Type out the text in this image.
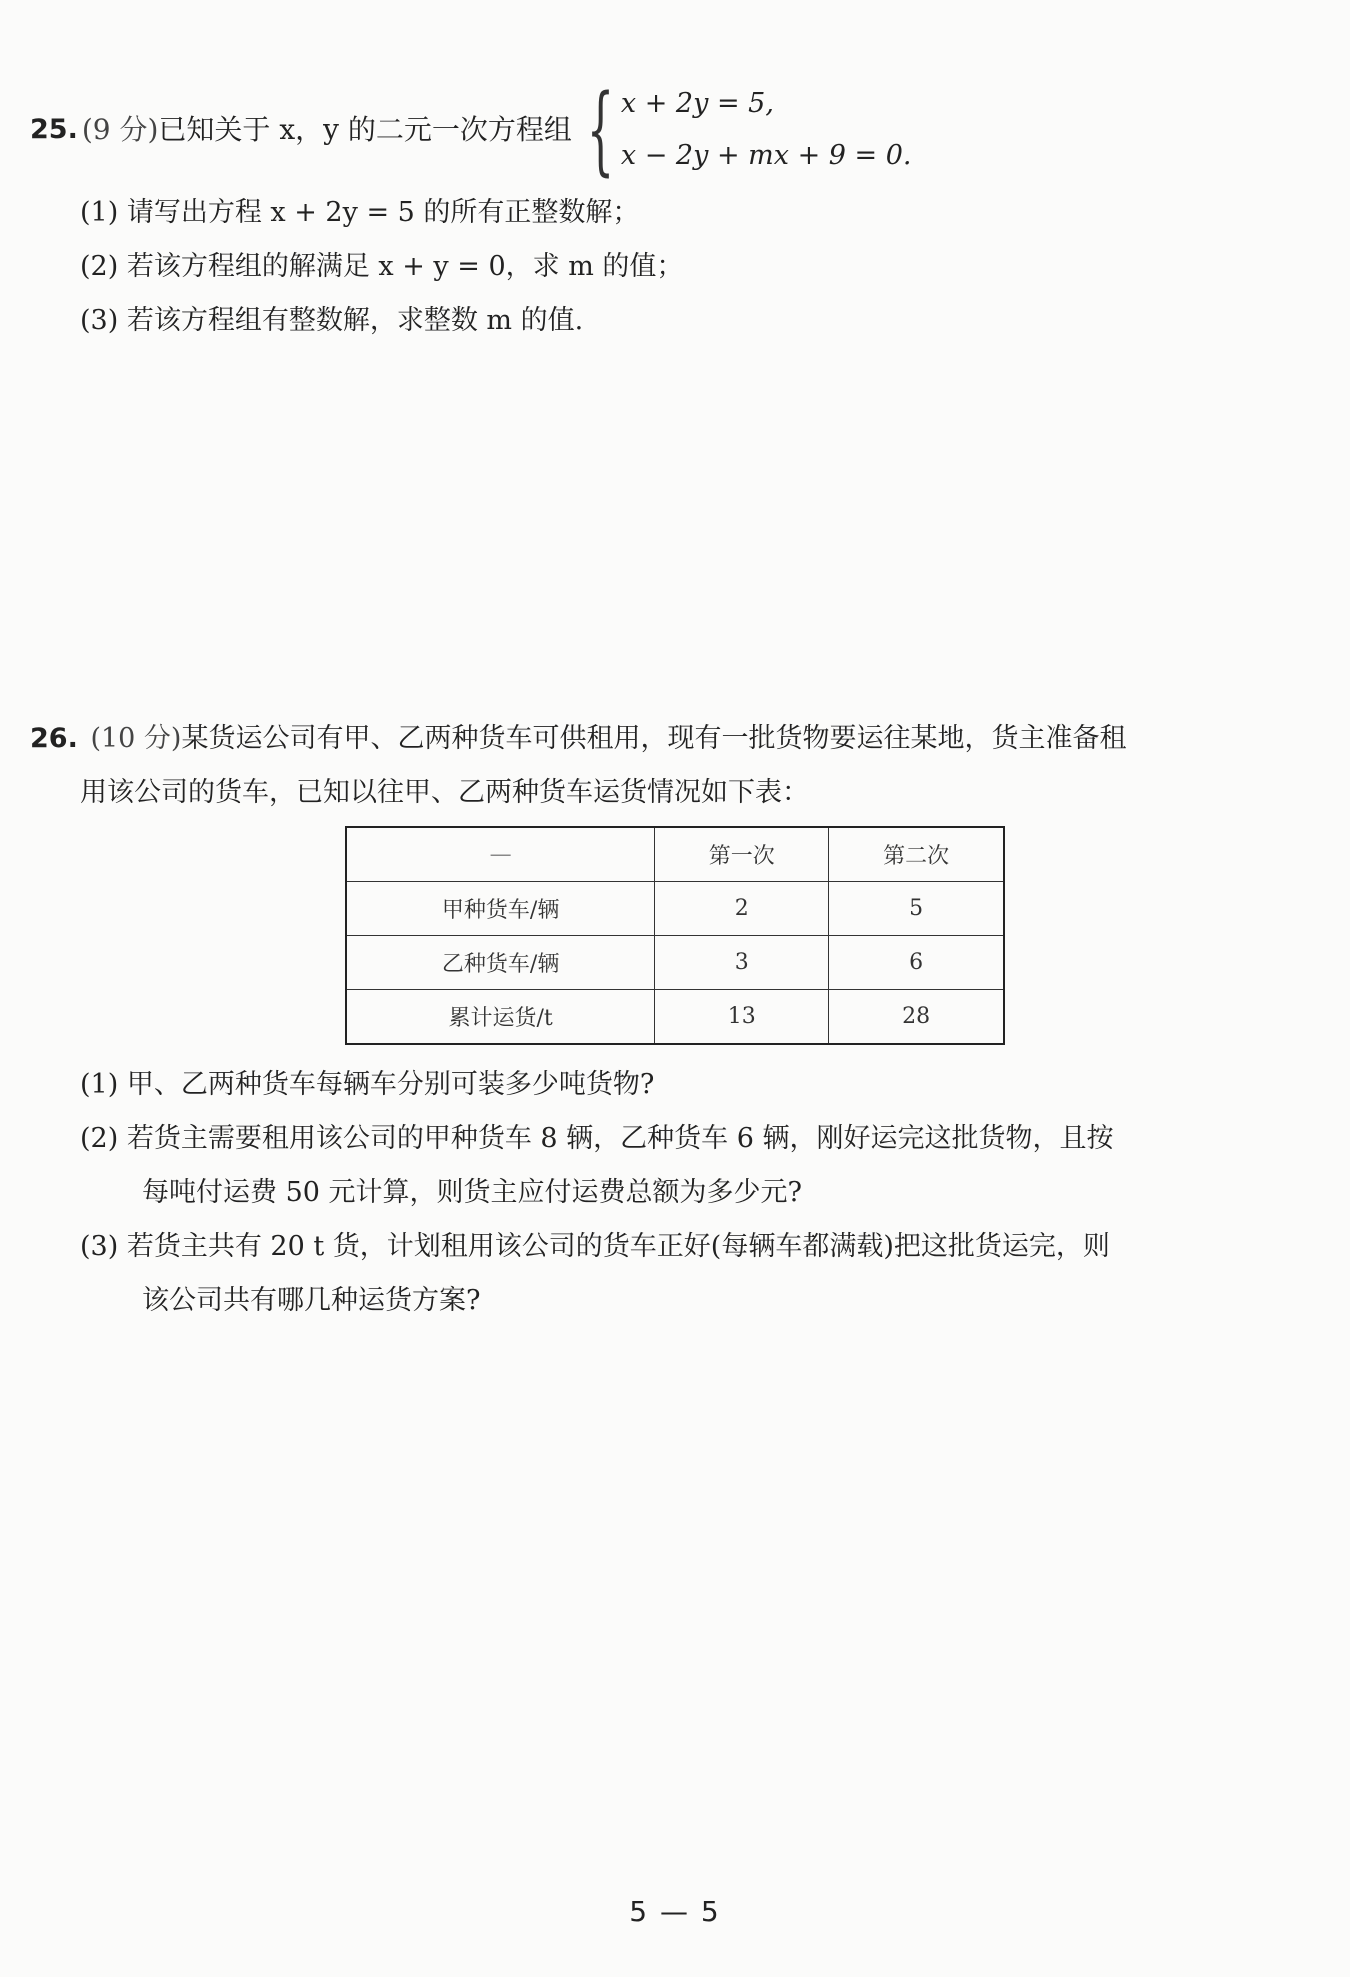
25. (9 分) 已知关于 x，y 的二元一次方程组 { x + 2y = 5,
x − 2y + mx + 9 = 0.
(1) 请写出方程 x + 2y = 5 的所有正整数解；
(2) 若该方程组的解满足 x + y = 0，求 m 的值；
(3) 若该方程组有整数解，求整数 m 的值.
26. (10 分)某货运公司有甲、乙两种货车可供租用，现有一批货物要运往某地，货主准备租
用该公司的货车，已知以往甲、乙两种货车运货情况如下表：
—	第一次	第二次
甲种货车/辆	2	5
乙种货车/辆	3	6
累计运货/t	13	28
(1) 甲、乙两种货车每辆车分别可装多少吨货物?
(2) 若货主需要租用该公司的甲种货车 8 辆，乙种货车 6 辆，刚好运完这批货物，且按
每吨付运费 50 元计算，则货主应付运费总额为多少元?
(3) 若货主共有 20 t 货，计划租用该公司的货车正好(每辆车都满载)把这批货运完，则
该公司共有哪几种运货方案?
5 — 5
